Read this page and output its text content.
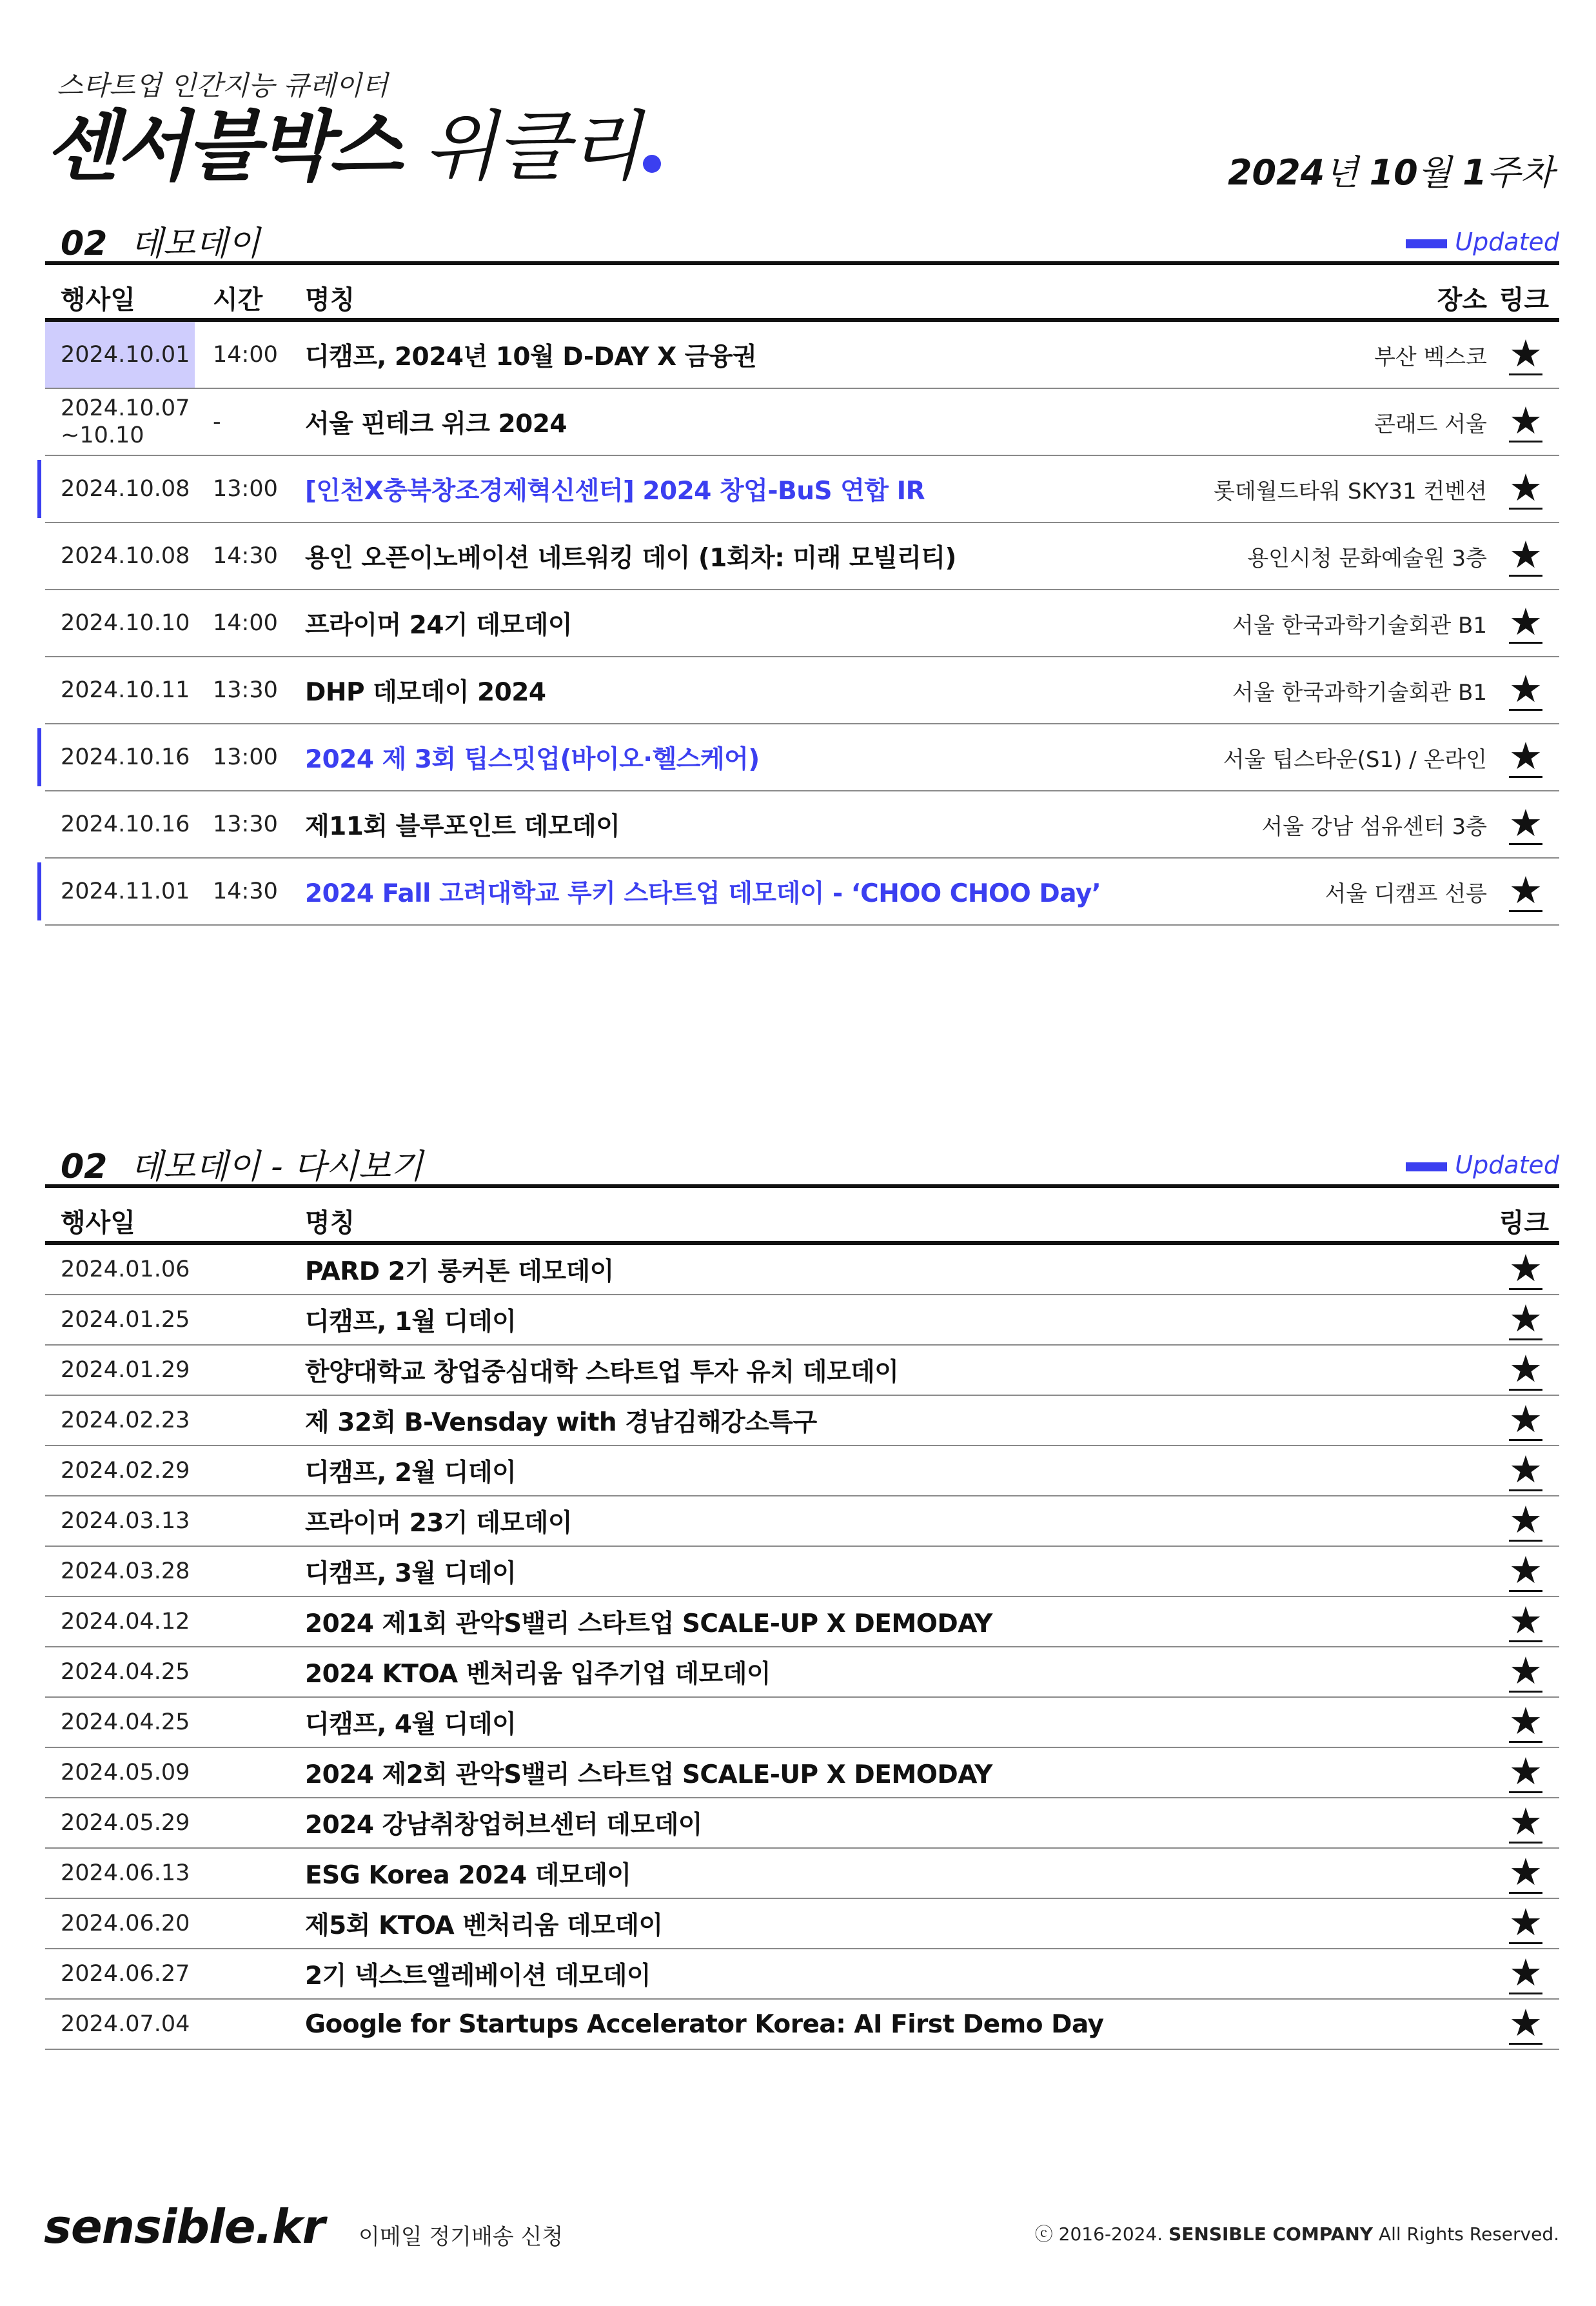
스타트업 인간지능 큐레이터
센서블박스 위클리	2024년 10월 1주차
02 데모데이	Updated
행사일	시간 명칭	장소 링크
2024.10.01 14:00 디캠프, 2024년 10월 D-DAY X 금융권	부산 벡스코 ★
2024.10.07
~10.10
-	서울 핀테크 위크 2024	콘래드 서울 ★
2024.10.08 13:00 [인천X충북창조경제혁신센터] 2024 창업-BuS 연합 IR	롯데월드타워 SKY31 컨벤션 ★
2024.10.08 14:30 용인 오픈이노베이션 네트워킹 데이 (1회차: 미래 모빌리티)	용인시청 문화예술원 3층 ★
2024.10.10 14:00 프라이머 24기 데모데이	서울 한국과학기술회관 B1 ★
2024.10.11 13:30 DHP 데모데이 2024	서울 한국과학기술회관 B1 ★
2024.10.16 13:00 2024 제 3회 팁스밋업(바이오·헬스케어)	서울 팁스타운(S1) / 온라인 ★
2024.10.16 13:30 제11회 블루포인트 데모데이	서울 강남 섬유센터 3층 ★
2024.11.01 14:30 2024 Fall 고려대학교 루키 스타트업 데모데이 - ‘CHOO CHOO Day’	서울 디캠프 선릉 ★
02 데모데이 - 다시보기	Updated
행사일	명칭	링크
2024.01.06	PARD 2기 롱커톤 데모데이	★
2024.01.25	디캠프, 1월 디데이	★
2024.01.29	한양대학교 창업중심대학 스타트업 투자 유치 데모데이	★
2024.02.23	제 32회 B-Vensday with 경남김해강소특구	★
2024.02.29	디캠프, 2월 디데이	★
2024.03.13	프라이머 23기 데모데이	★
2024.03.28	디캠프, 3월 디데이	★
2024.04.12	2024 제1회 관악S밸리 스타트업 SCALE-UP X DEMODAY	★
2024.04.25	2024 KTOA 벤처리움 입주기업 데모데이	★
2024.04.25	디캠프, 4월 디데이	★
2024.05.09	2024 제2회 관악S밸리 스타트업 SCALE-UP X DEMODAY	★
2024.05.29	2024 강남취창업허브센터 데모데이	★
2024.06.13	ESG Korea 2024 데모데이	★
2024.06.20	제5회 KTOA 벤처리움 데모데이	★
2024.06.27	2기 넥스트엘레베이션 데모데이	★
2024.07.04	Google for Startups Accelerator Korea: AI First Demo Day	★
sensible.kr 이메일 정기배송 신청	ⓒ 2016-2024. SENSIBLE COMPANY All Rights Reserved.
